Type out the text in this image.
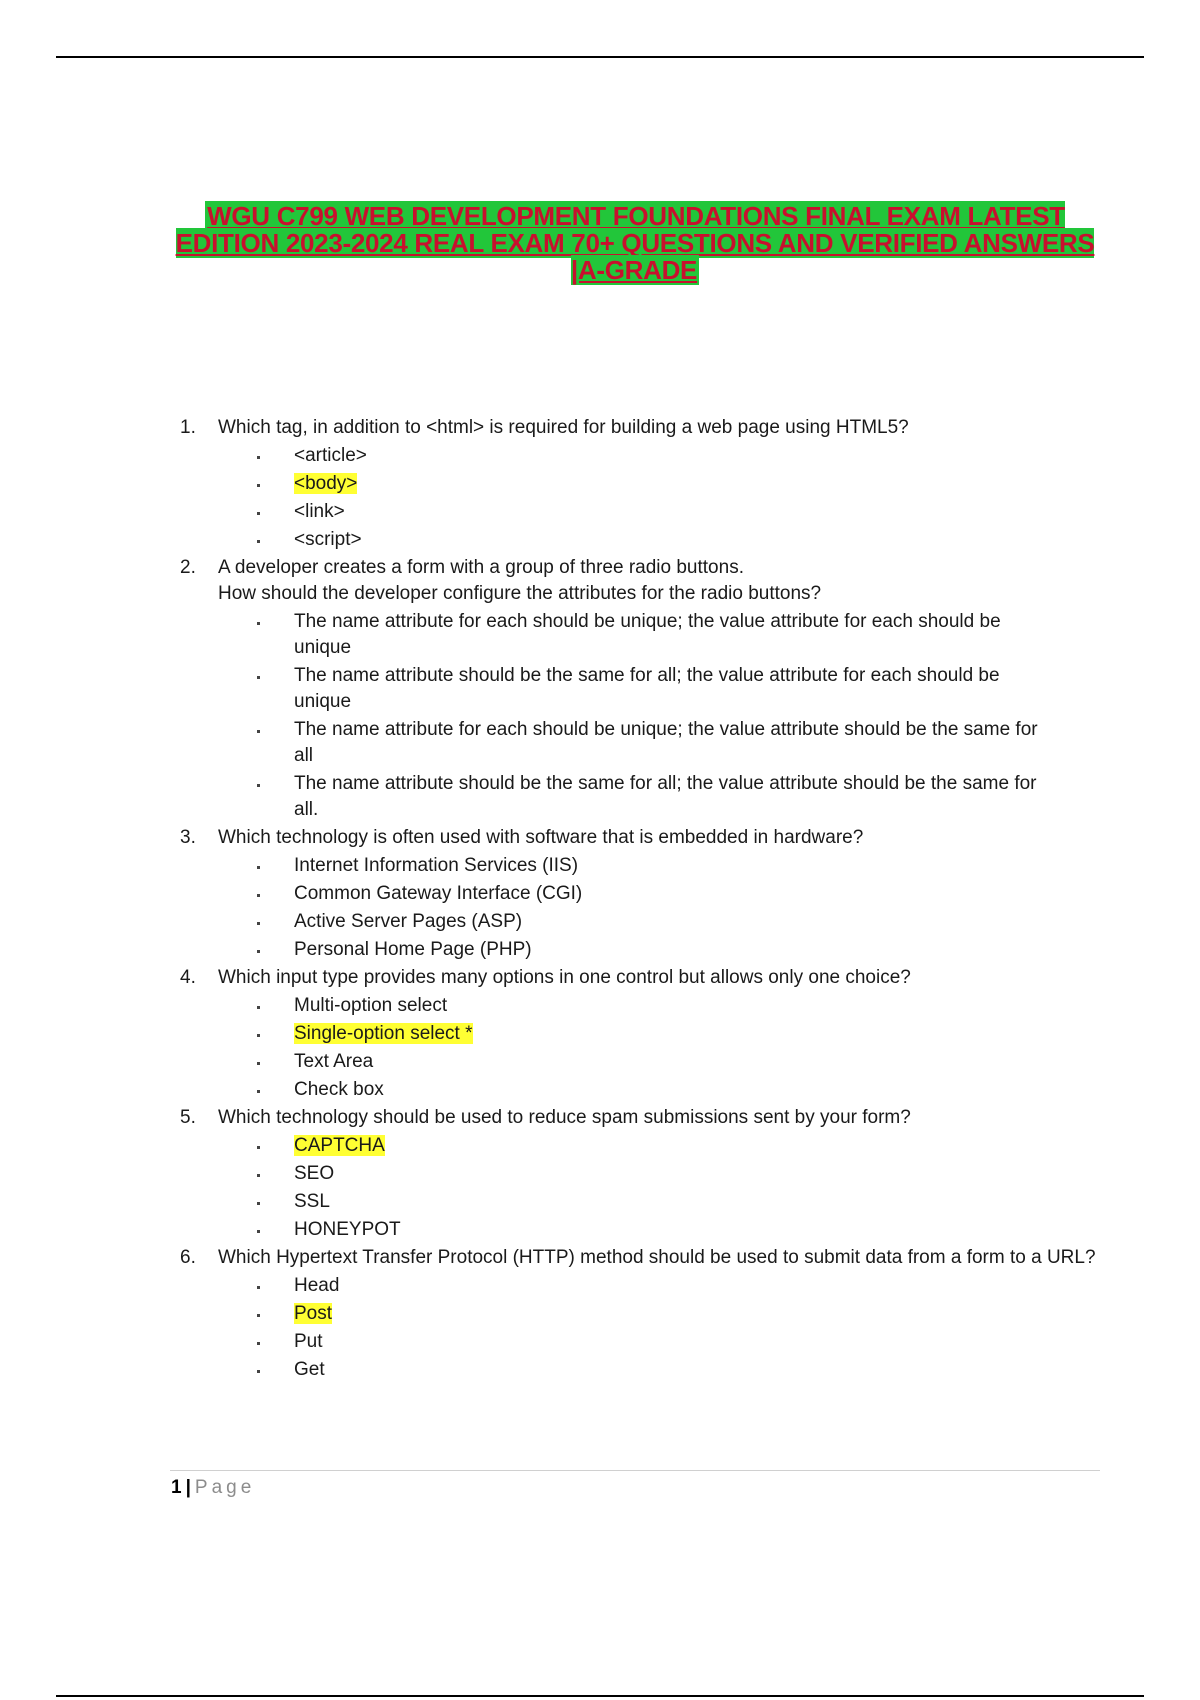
WGU C799 WEB DEVELOPMENT FOUNDATIONS FINAL EXAM LATEST EDITION 2023-2024 REAL EXAM 70+ QUESTIONS AND VERIFIED ANSWERS |A-GRADE
1.	Which tag, in addition to <html> is required for building a web page using HTML5?
<article>
<body>
<link>
<script>
2.	A developer creates a form with a group of three radio buttons.
How should the developer configure the attributes for the radio buttons?
The name attribute for each should be unique; the value attribute for each should be unique
The name attribute should be the same for all; the value attribute for each should be unique
The name attribute for each should be unique; the value attribute should be the same for all
The name attribute should be the same for all; the value attribute should be the same for all.
3.	Which technology is often used with software that is embedded in hardware?
Internet Information Services (IIS)
Common Gateway Interface (CGI)
Active Server Pages (ASP)
Personal Home Page (PHP)
4.	Which input type provides many options in one control but allows only one choice?
Multi-option select
Single-option select *
Text Area
Check box
5.	Which technology should be used to reduce spam submissions sent by your form?
CAPTCHA
SEO
SSL
HONEYPOT
6.	Which Hypertext Transfer Protocol (HTTP) method should be used to submit data from a form to a URL?
Head
Post
Put
Get
1 | Page
